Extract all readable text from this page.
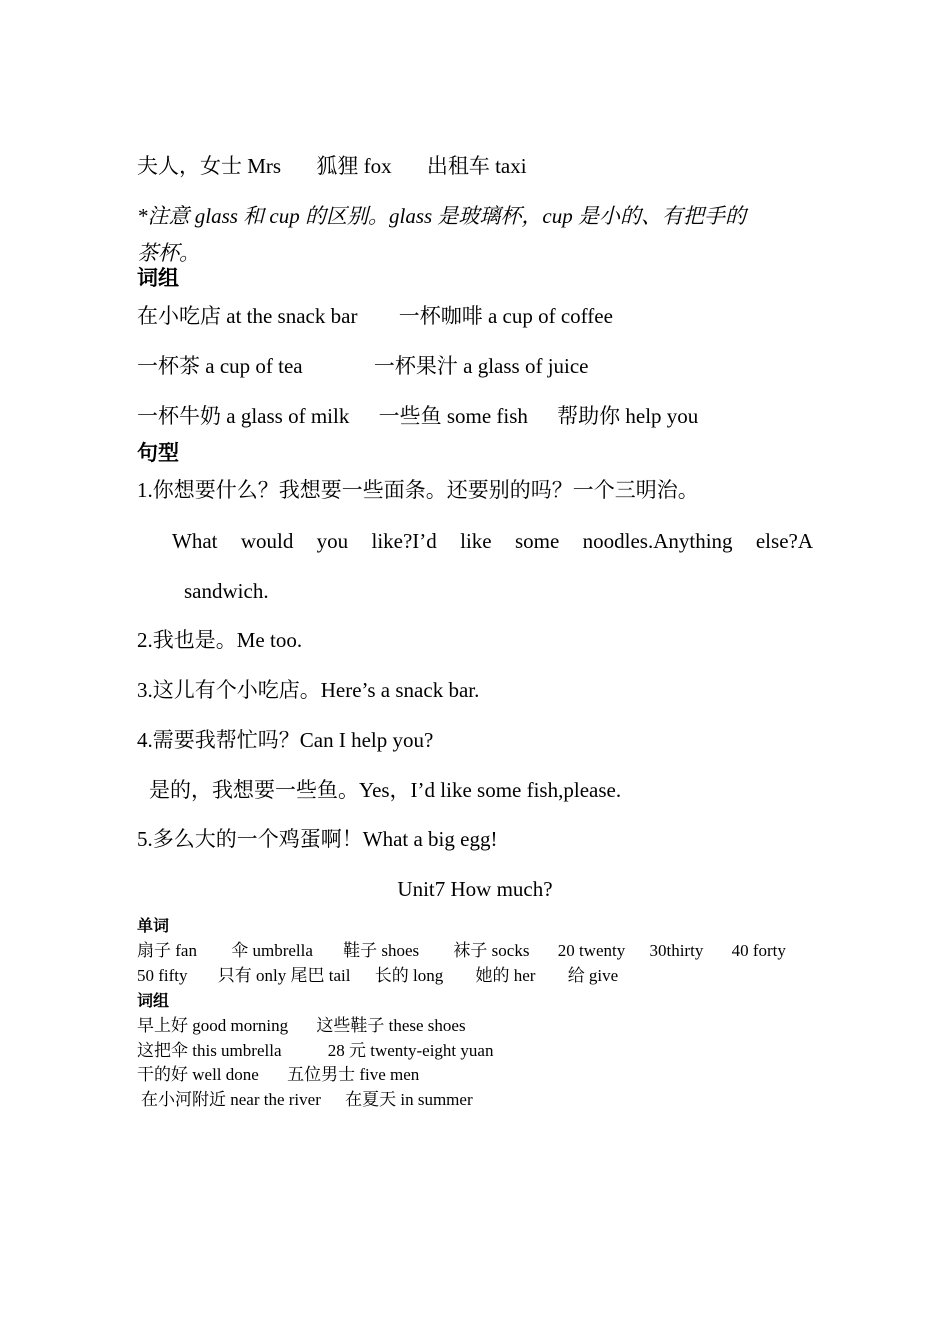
夫人，女士 Mrs 狐狸 fox 出租车 taxi
*注意 glass 和 cup 的区别。glass 是玻璃杯，cup 是小的、有把手的
茶杯。
词组
在小吃店 at the snack bar 一杯咖啡 a cup of coffee
一杯茶 a cup of tea	一杯果汁 a glass of juice
一杯牛奶 a glass of milk 一些鱼 some fish 帮助你 help you
句型
1.你想要什么？我想要一些面条。还要别的吗？一个三明治。
What would you like?I’d like some noodles.Anything else?A
sandwich.
2.我也是。Me too.
3.这儿有个小吃店。Here’s a snack bar.
4.需要我帮忙吗？Can I help you?
是的，我想要一些鱼。Yes，I’d like some fish,please.
5.多么大的一个鸡蛋啊！What a big egg!
Unit7 How much?
单词
扇子 fan 伞 umbrella 鞋子 shoes 袜子 socks 20 twenty 30thirty 40 forty
50 fifty 只有 only 尾巴 tail 长的 long 她的 her 给 give
词组
早上好 good morning 这些鞋子 these shoes
这把伞 this umbrella	28 元 twenty-eight yuan
干的好 well done 五位男士 five men
在小河附近 near the river 在夏天 in summer
